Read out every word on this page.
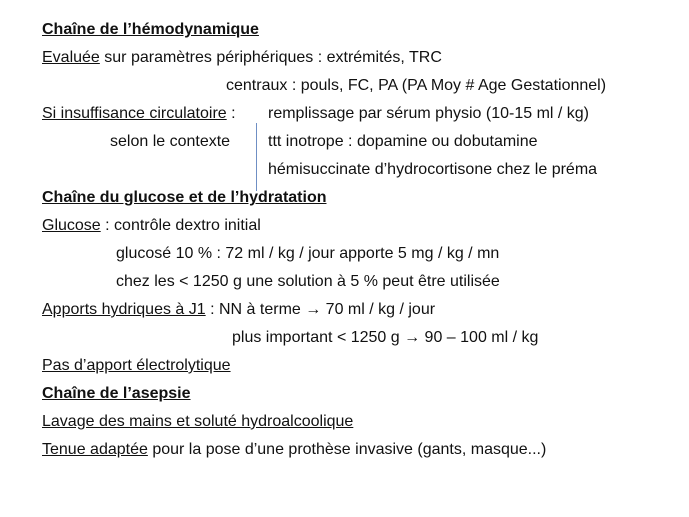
Chaîne de l’hémodynamique
Evaluée sur paramètres périphériques : extrémités, TRC
centraux : pouls, FC, PA (PA Moy # Age Gestationnel)
Si insuffisance circulatoire : remplissage par sérum physio (10-15 ml / kg)
selon le contexte ttt inotrope : dopamine ou dobutamine
hémisuccinate d’hydrocortisone chez le préma
Chaîne du glucose et de l’hydratation
Glucose : contrôle dextro initial
glucosé 10 % : 72 ml / kg / jour apporte 5 mg / kg / mn
chez les < 1250 g une solution à 5 % peut être utilisée
Apports hydriques à J1 : NN à terme → 70 ml / kg / jour
plus important < 1250 g → 90 – 100 ml / kg
Pas d’apport électrolytique
Chaîne de l’asepsie
Lavage des mains et soluté hydroalcoolique
Tenue adaptée pour la pose d’une prothèse invasive (gants, masque...)
